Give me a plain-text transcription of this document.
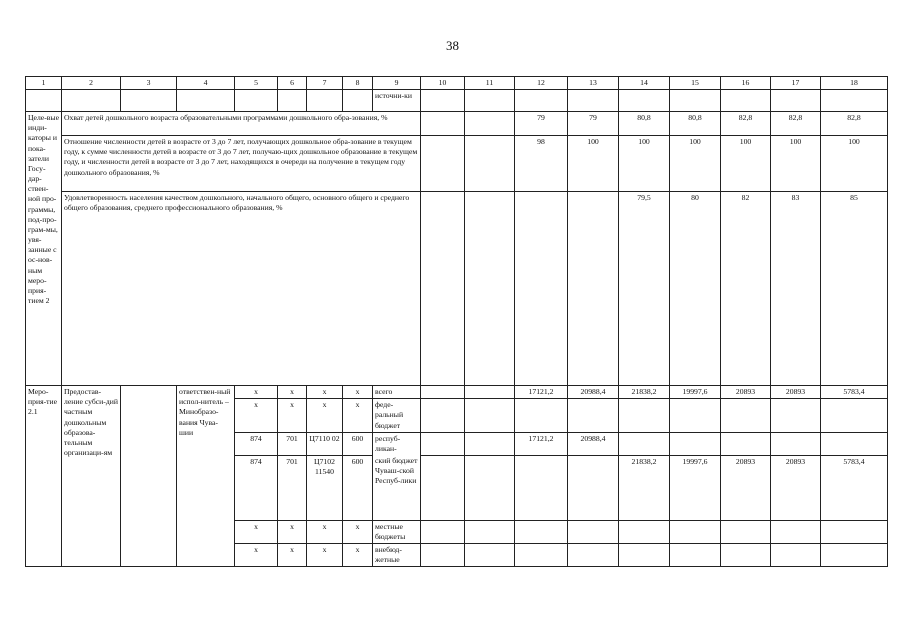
38
1	2	3	4	5	6	7	8	9	10	11	12	13	14	15	16	17	18
								источни-ки									
Целе-вые инди-каторы и пока-затели Госу-дар-ствен-ной про-граммы, под-про-грам-мы, увя-занные с ос-нов-ным меро-прия-тием 2	Охват детей дошкольного возраста образовательными программами дошкольного обра-зования, %										79	79	80,8	80,8	82,8	82,8	82,8
	Отношение численности детей в возрасте от 3 до 7 лет, получающих дошкольное обра-зование в текущем году, к сумме численности детей в возрасте от 3 до 7 лет, получаю-щих дошкольное образование в текущем году, и численности детей в возрасте от 3 до 7 лет, находящихся в очереди на получение в текущем году дошкольного образования, %										98	100	100	100	100	100	100
	Удовлетворенность населения качеством дошкольного, начального общего, основного общего и среднего общего образования, среднего профессионального образования, %												79,5	80	82	83	85
Меро-прия-тие 2.1	Предостав-ление субси-дий частным дошкольным образова-тельным организаци-ям		ответствен-ный испол-нитель – Минобразо-вания Чува-шии	x	x	x	x	всего			17121,2	20988,4	21838,2	19997,6	20893	20893	5783,4
				x	x	x	x	феде-ральный бюджет									
				874	701	Ц7110 02	600	респуб-ликан-			17121,2	20988,4					
				874	701	Ц7102 11540	600	ский бюджет Чуваш-ской Респуб-лики					21838,2	19997,6	20893	20893	5783,4
				x	x	x	x	местные бюджеты									
				x	x	x	x	внебюд-жетные									
